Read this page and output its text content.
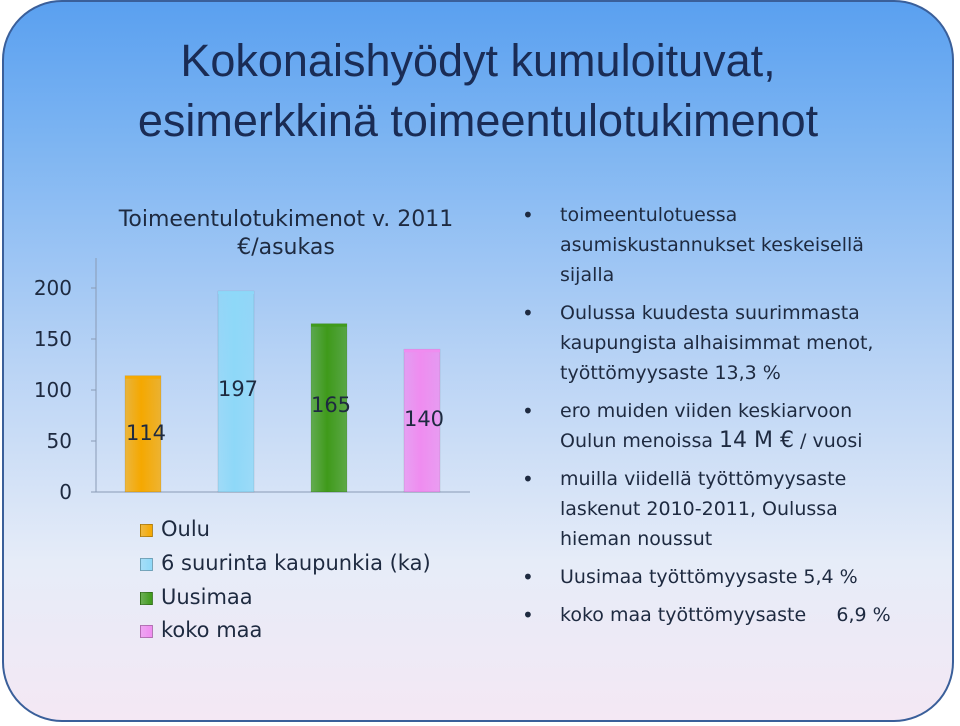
Kokonaishyödyt kumuloituvat,
esimerkkinä toimeentulotukimenot
Toimeentulotukimenot v. 2011
€/asukas
0
50
100
150
200
114
197
165
140
Oulu
6 suurinta kaupunkia (ka)
Uusimaa
koko maa
• toimeentulotuessa
asumiskustannukset keskeisellä
sijalla
• Oulussa kuudesta suurimmasta
kaupungista alhaisimmat menot,
työttömyysaste 13,3 %
• ero muiden viiden keskiarvoon
Oulun menoissa 14 M € / vuosi
• muilla viidellä työttömyysaste
laskenut 2010-2011, Oulussa
hieman noussut
• Uusimaa työttömyysaste 5,4 %
• koko maa työttömyysaste     6,9 %
